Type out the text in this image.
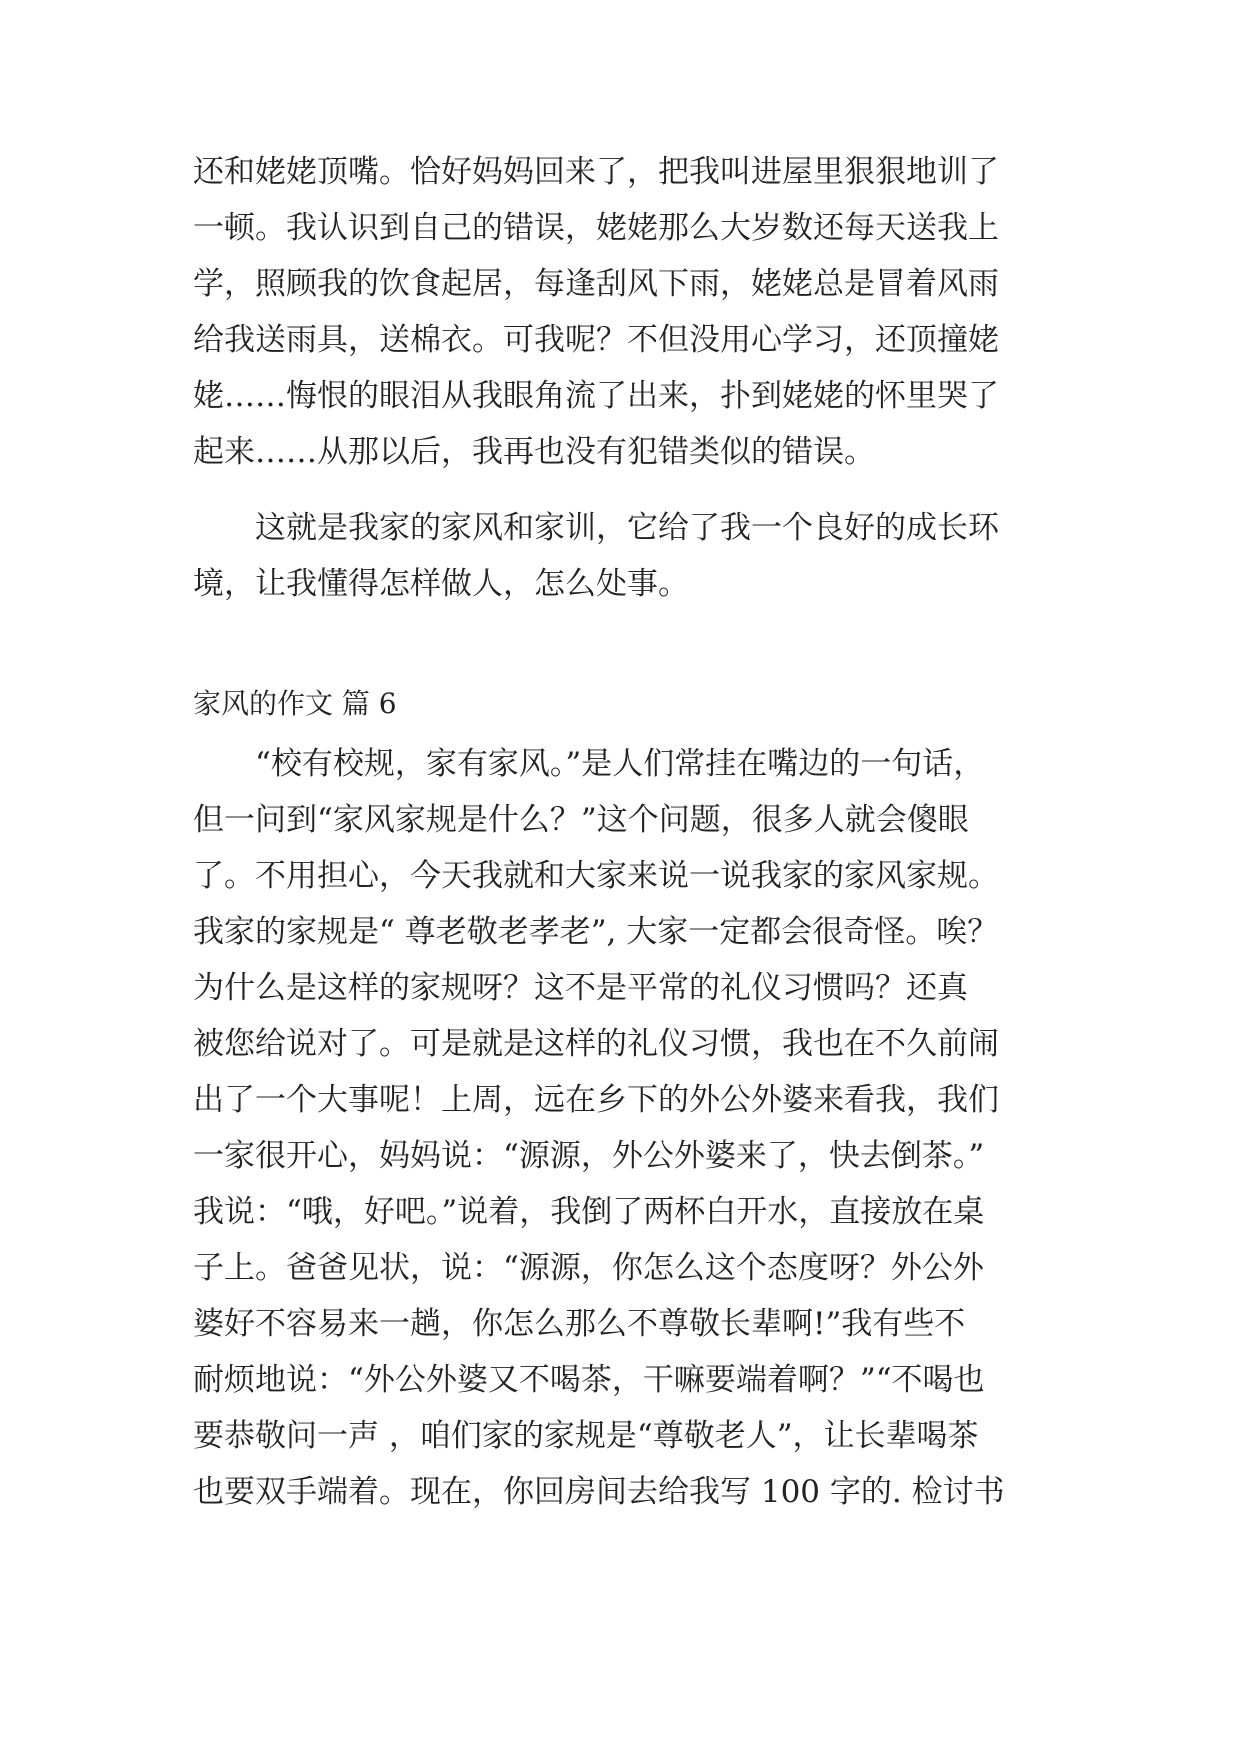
还和姥姥顶嘴。恰好妈妈回来了，把我叫进屋里狠狠地训了
一顿。我认识到自己的错误，姥姥那么大岁数还每天送我上
学，照顾我的饮食起居，每逢刮风下雨，姥姥总是冒着风雨
给我送雨具，送棉衣。可我呢？不但没用心学习，还顶撞姥
姥……悔恨的眼泪从我眼角流了出来，扑到姥姥的怀里哭了
起来……从那以后，我再也没有犯错类似的错误。
这就是我家的家风和家训，它给了我一个良好的成长环
境，让我懂得怎样做人，怎么处事。
家风的作文 篇 6
“校有校规，家有家风。”是人们常挂在嘴边的一句话，
但一问到“家风家规是什么？”这个问题，很多人就会傻眼
了。不用担心，今天我就和大家来说一说我家的家风家规。
我家的家规是“ 尊老敬老孝老”, 大家一定都会很奇怪。唉？
为什么是这样的家规呀？这不是平常的礼仪习惯吗？还真
被您给说对了。可是就是这样的礼仪习惯，我也在不久前闹
出了一个大事呢！上周，远在乡下的外公外婆来看我，我们
一家很开心，妈妈说：“源源，外公外婆来了，快去倒茶。”
我说：“哦，好吧。”说着，我倒了两杯白开水，直接放在桌
子上。爸爸见状，说：“源源，你怎么这个态度呀？外公外
婆好不容易来一趟，你怎么那么不尊敬长辈啊!”我有些不
耐烦地说：“外公外婆又不喝茶，干嘛要端着啊？”“不喝也
要恭敬问一声 ，咱们家的家规是“尊敬老人”，让长辈喝茶
也要双手端着。现在，你回房间去给我写 100 字的. 检讨书
